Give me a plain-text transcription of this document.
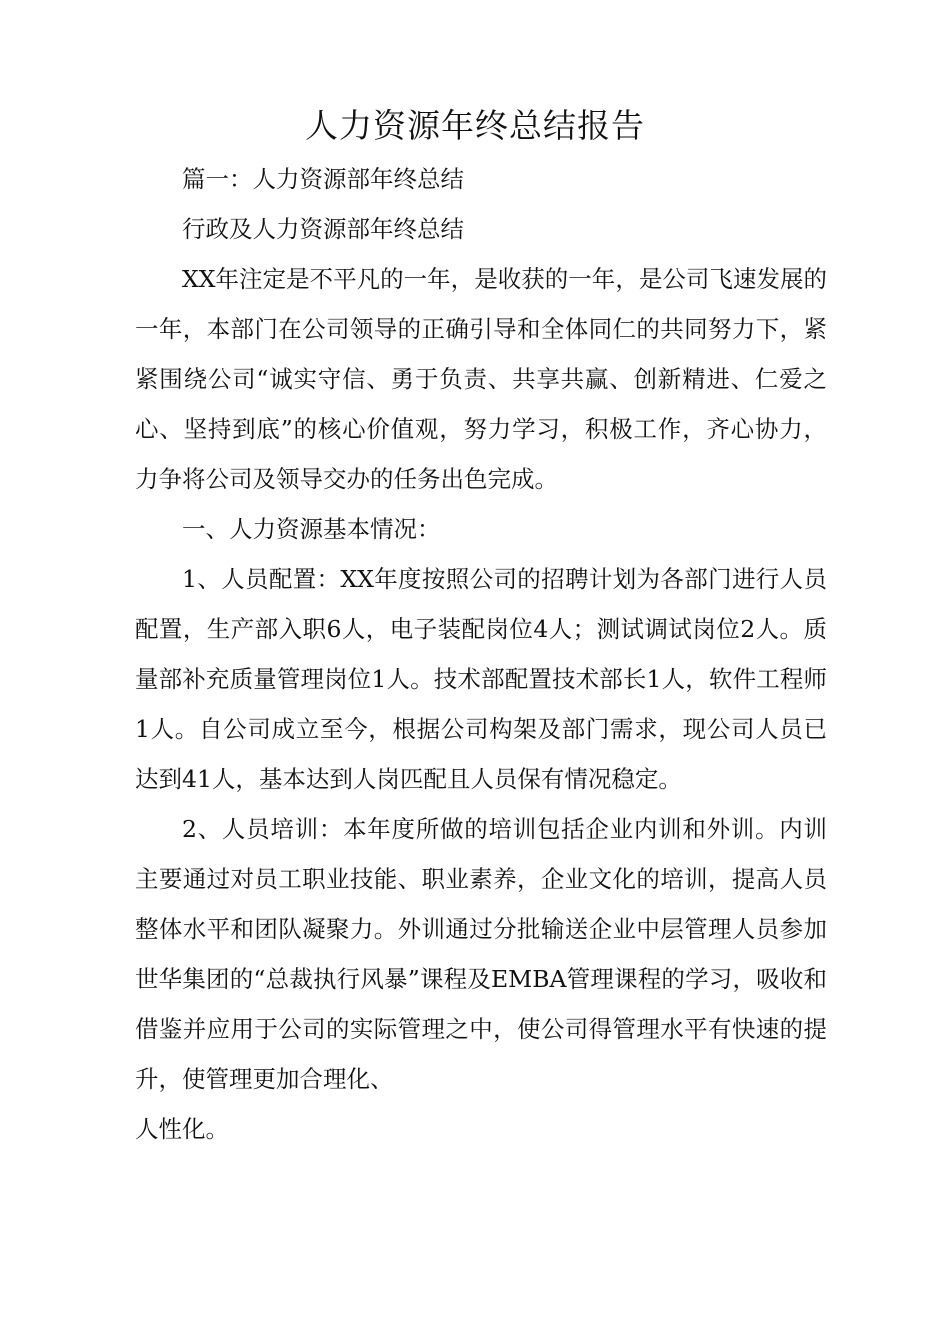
人力资源年终总结报告

篇一：人力资源部年终总结

行政及人力资源部年终总结

XX年注定是不平凡的一年，是收获的一年，是公司飞速发展的一年，本部门在公司领导的正确引导和全体同仁的共同努力下，紧紧围绕公司“诚实守信、勇于负责、共享共赢、创新精进、仁爱之心、坚持到底”的核心价值观，努力学习，积极工作，齐心协力，力争将公司及领导交办的任务出色完成。

一、人力资源基本情况：

1、人员配置：XX年度按照公司的招聘计划为各部门进行人员配置，生产部入职6人，电子装配岗位4人；测试调试岗位2人。质量部补充质量管理岗位1人。技术部配置技术部长1人，软件工程师1人。自公司成立至今，根据公司构架及部门需求，现公司人员已达到41人，基本达到人岗匹配且人员保有情况稳定。

2、人员培训：本年度所做的培训包括企业内训和外训。内训主要通过对员工职业技能、职业素养，企业文化的培训，提高人员整体水平和团队凝聚力。外训通过分批输送企业中层管理人员参加世华集团的“总裁执行风暴”课程及EMBA管理课程的学习，吸收和借鉴并应用于公司的实际管理之中，使公司得管理水平有快速的提升，使管理更加合理化、

人性化。
